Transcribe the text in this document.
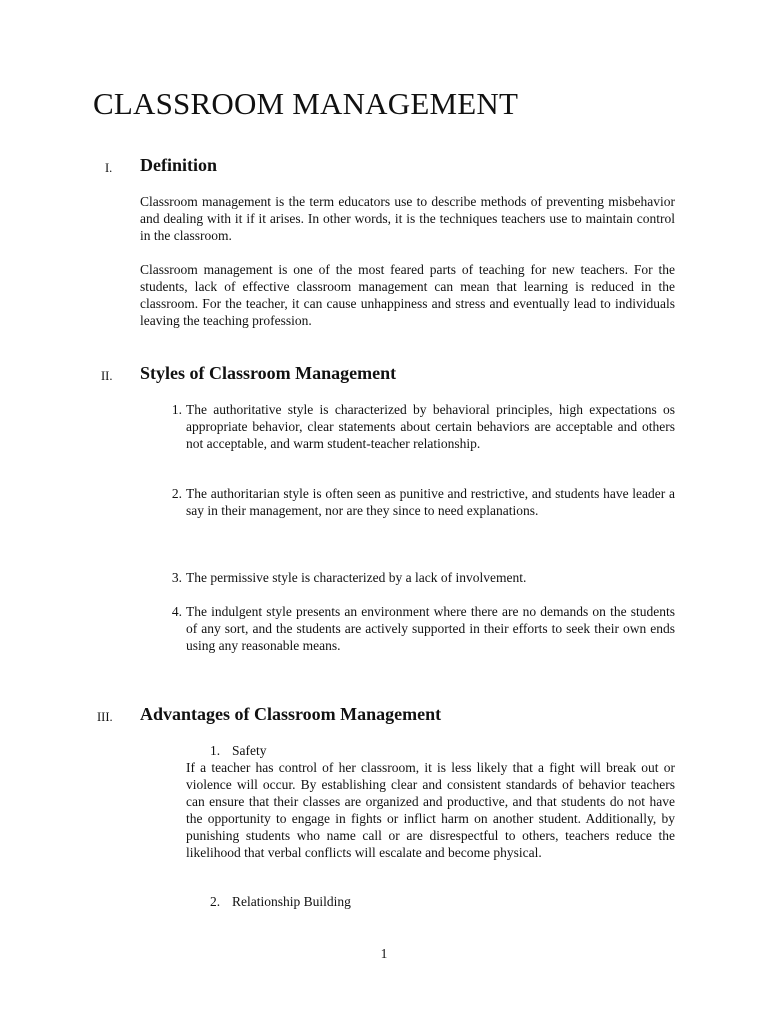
CLASSROOM MANAGEMENT
I. Definition

Classroom management is the term educators use to describe methods of preventing misbehavior and dealing with it if it arises. In other words, it is the techniques teachers use to maintain control in the classroom.

Classroom management is one of the most feared parts of teaching for new teachers. For the students, lack of effective classroom management can mean that learning is reduced in the classroom. For the teacher, it can cause unhappiness and stress and eventually lead to individuals leaving the teaching profession.

II. Styles of Classroom Management
1. The authoritative style is characterized by behavioral principles, high expectations os appropriate behavior, clear statements about certain behaviors are acceptable and others not acceptable, and warm student-teacher relationship.
2. The authoritarian style is often seen as punitive and restrictive, and students have leader a say in their management, nor are they since to need explanations.
3. The permissive style is characterized by a lack of involvement.
4. The indulgent style presents an environment where there are no demands on the students of any sort, and the students are actively supported in their efforts to seek their own ends using any reasonable means.
III. Advantages of Classroom Management
1. Safety

If a teacher has control of her classroom, it is less likely that a fight will break out or violence will occur. By establishing clear and consistent standards of behavior teachers can ensure that their classes are organized and productive, and that students do not have the opportunity to engage in fights or inflict harm on another student. Additionally, by punishing students who name call or are disrespectful to others, teachers reduce the likelihood that verbal conflicts will escalate and become physical.

2. Relationship Building
1
